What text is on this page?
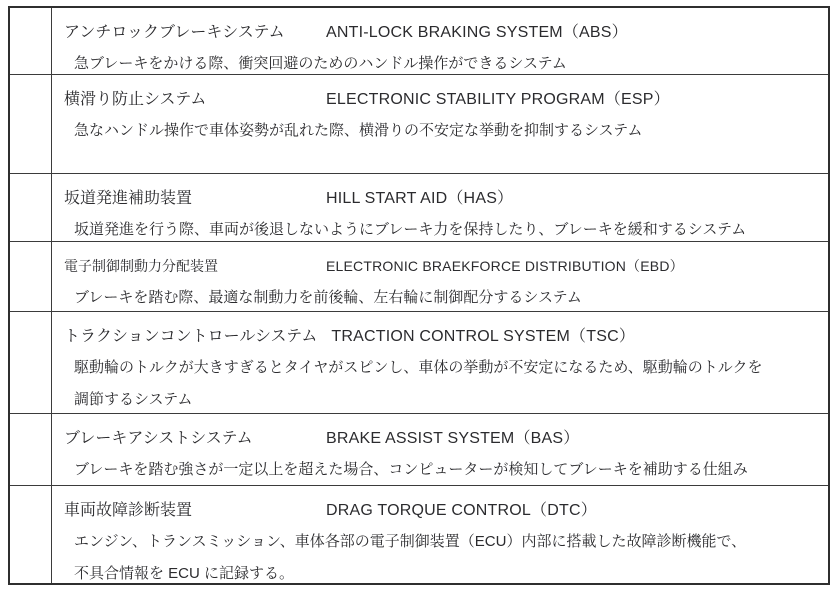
アンチロックブレーキシステム	ANTI-LOCK BRAKING SYSTEM（ABS）
急ブレーキをかける際、衝突回避のためのハンドル操作ができるシステム
横滑り防止システム	ELECTRONIC STABILITY PROGRAM（ESP）
急なハンドル操作で車体姿勢が乱れた際、横滑りの不安定な挙動を抑制するシステム
坂道発進補助装置	HILL START AID（HAS）
坂道発進を行う際、車両が後退しないようにブレーキ力を保持したり、ブレーキを緩和するシステム
電子制御制動力分配装置	ELECTRONIC BRAEKFORCE DISTRIBUTION（EBD）
ブレーキを踏む際、最適な制動力を前後輪、左右輪に制御配分するシステム
トラクションコントロールシステム TRACTION CONTROL SYSTEM（TSC）
駆動輪のトルクが大きすぎるとタイヤがスピンし、車体の挙動が不安定になるため、駆動輪のトルクを
調節するシステム
ブレーキアシストシステム	BRAKE ASSIST SYSTEM（BAS）
ブレーキを踏む強さが一定以上を超えた場合、コンピューターが検知してブレーキを補助する仕組み
車両故障診断装置	DRAG TORQUE CONTROL（DTC）
エンジン、トランスミッション、車体各部の電子制御装置（ECU）内部に搭載した故障診断機能で、
不具合情報を ECU に記録する。
